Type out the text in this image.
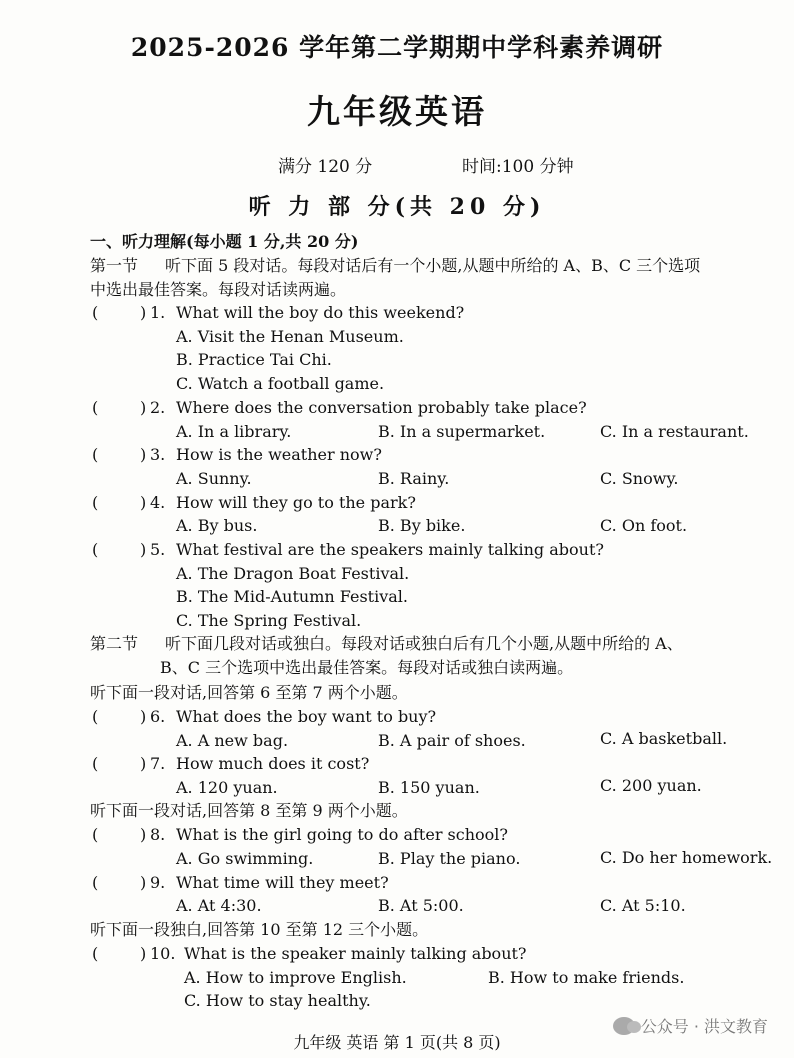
2025-2026 学年第二学期期中学科素养调研
九年级英语
满分 120 分	时间:100 分钟
听 力 部 分(共 20 分)
一、听力理解(每小题 1 分,共 20 分)
第一节 听下面 5 段对话。每段对话后有一个小题,从题中所给的 A、B、C 三个选项
中选出最佳答案。每段对话读两遍。
(	) 1. What will the boy do this weekend?
A. Visit the Henan Museum.
B. Practice Tai Chi.
C. Watch a football game.
(	) 2. Where does the conversation probably take place?
A. In a library.	B. In a supermarket.	C. In a restaurant.
(	) 3. How is the weather now?
A. Sunny.	B. Rainy.	C. Snowy.
(	) 4. How will they go to the park?
A. By bus.	B. By bike.	C. On foot.
(	) 5. What festival are the speakers mainly talking about?
A. The Dragon Boat Festival.
B. The Mid-Autumn Festival.
C. The Spring Festival.
第二节 听下面几段对话或独白。每段对话或独白后有几个小题,从题中所给的 A、
B、C 三个选项中选出最佳答案。每段对话或独白读两遍。
听下面一段对话,回答第 6 至第 7 两个小题。
(	) 6. What does the boy want to buy?
A. A new bag.	B. A pair of shoes.	C. A basketball.
(	) 7. How much does it cost?
A. 120 yuan.	B. 150 yuan.	C. 200 yuan.
听下面一段对话,回答第 8 至第 9 两个小题。
(	) 8. What is the girl going to do after school?
A. Go swimming.	B. Play the piano.	C. Do her homework.
(	) 9. What time will they meet?
A. At 4:30.	B. At 5:00.	C. At 5:10.
听下面一段独白,回答第 10 至第 12 三个小题。
(	) 10. What is the speaker mainly talking about?
A. How to improve English.	B. How to make friends.
C. How to stay healthy.
公众号 · 洪文教育
九年级 英语 第 1 页(共 8 页)
